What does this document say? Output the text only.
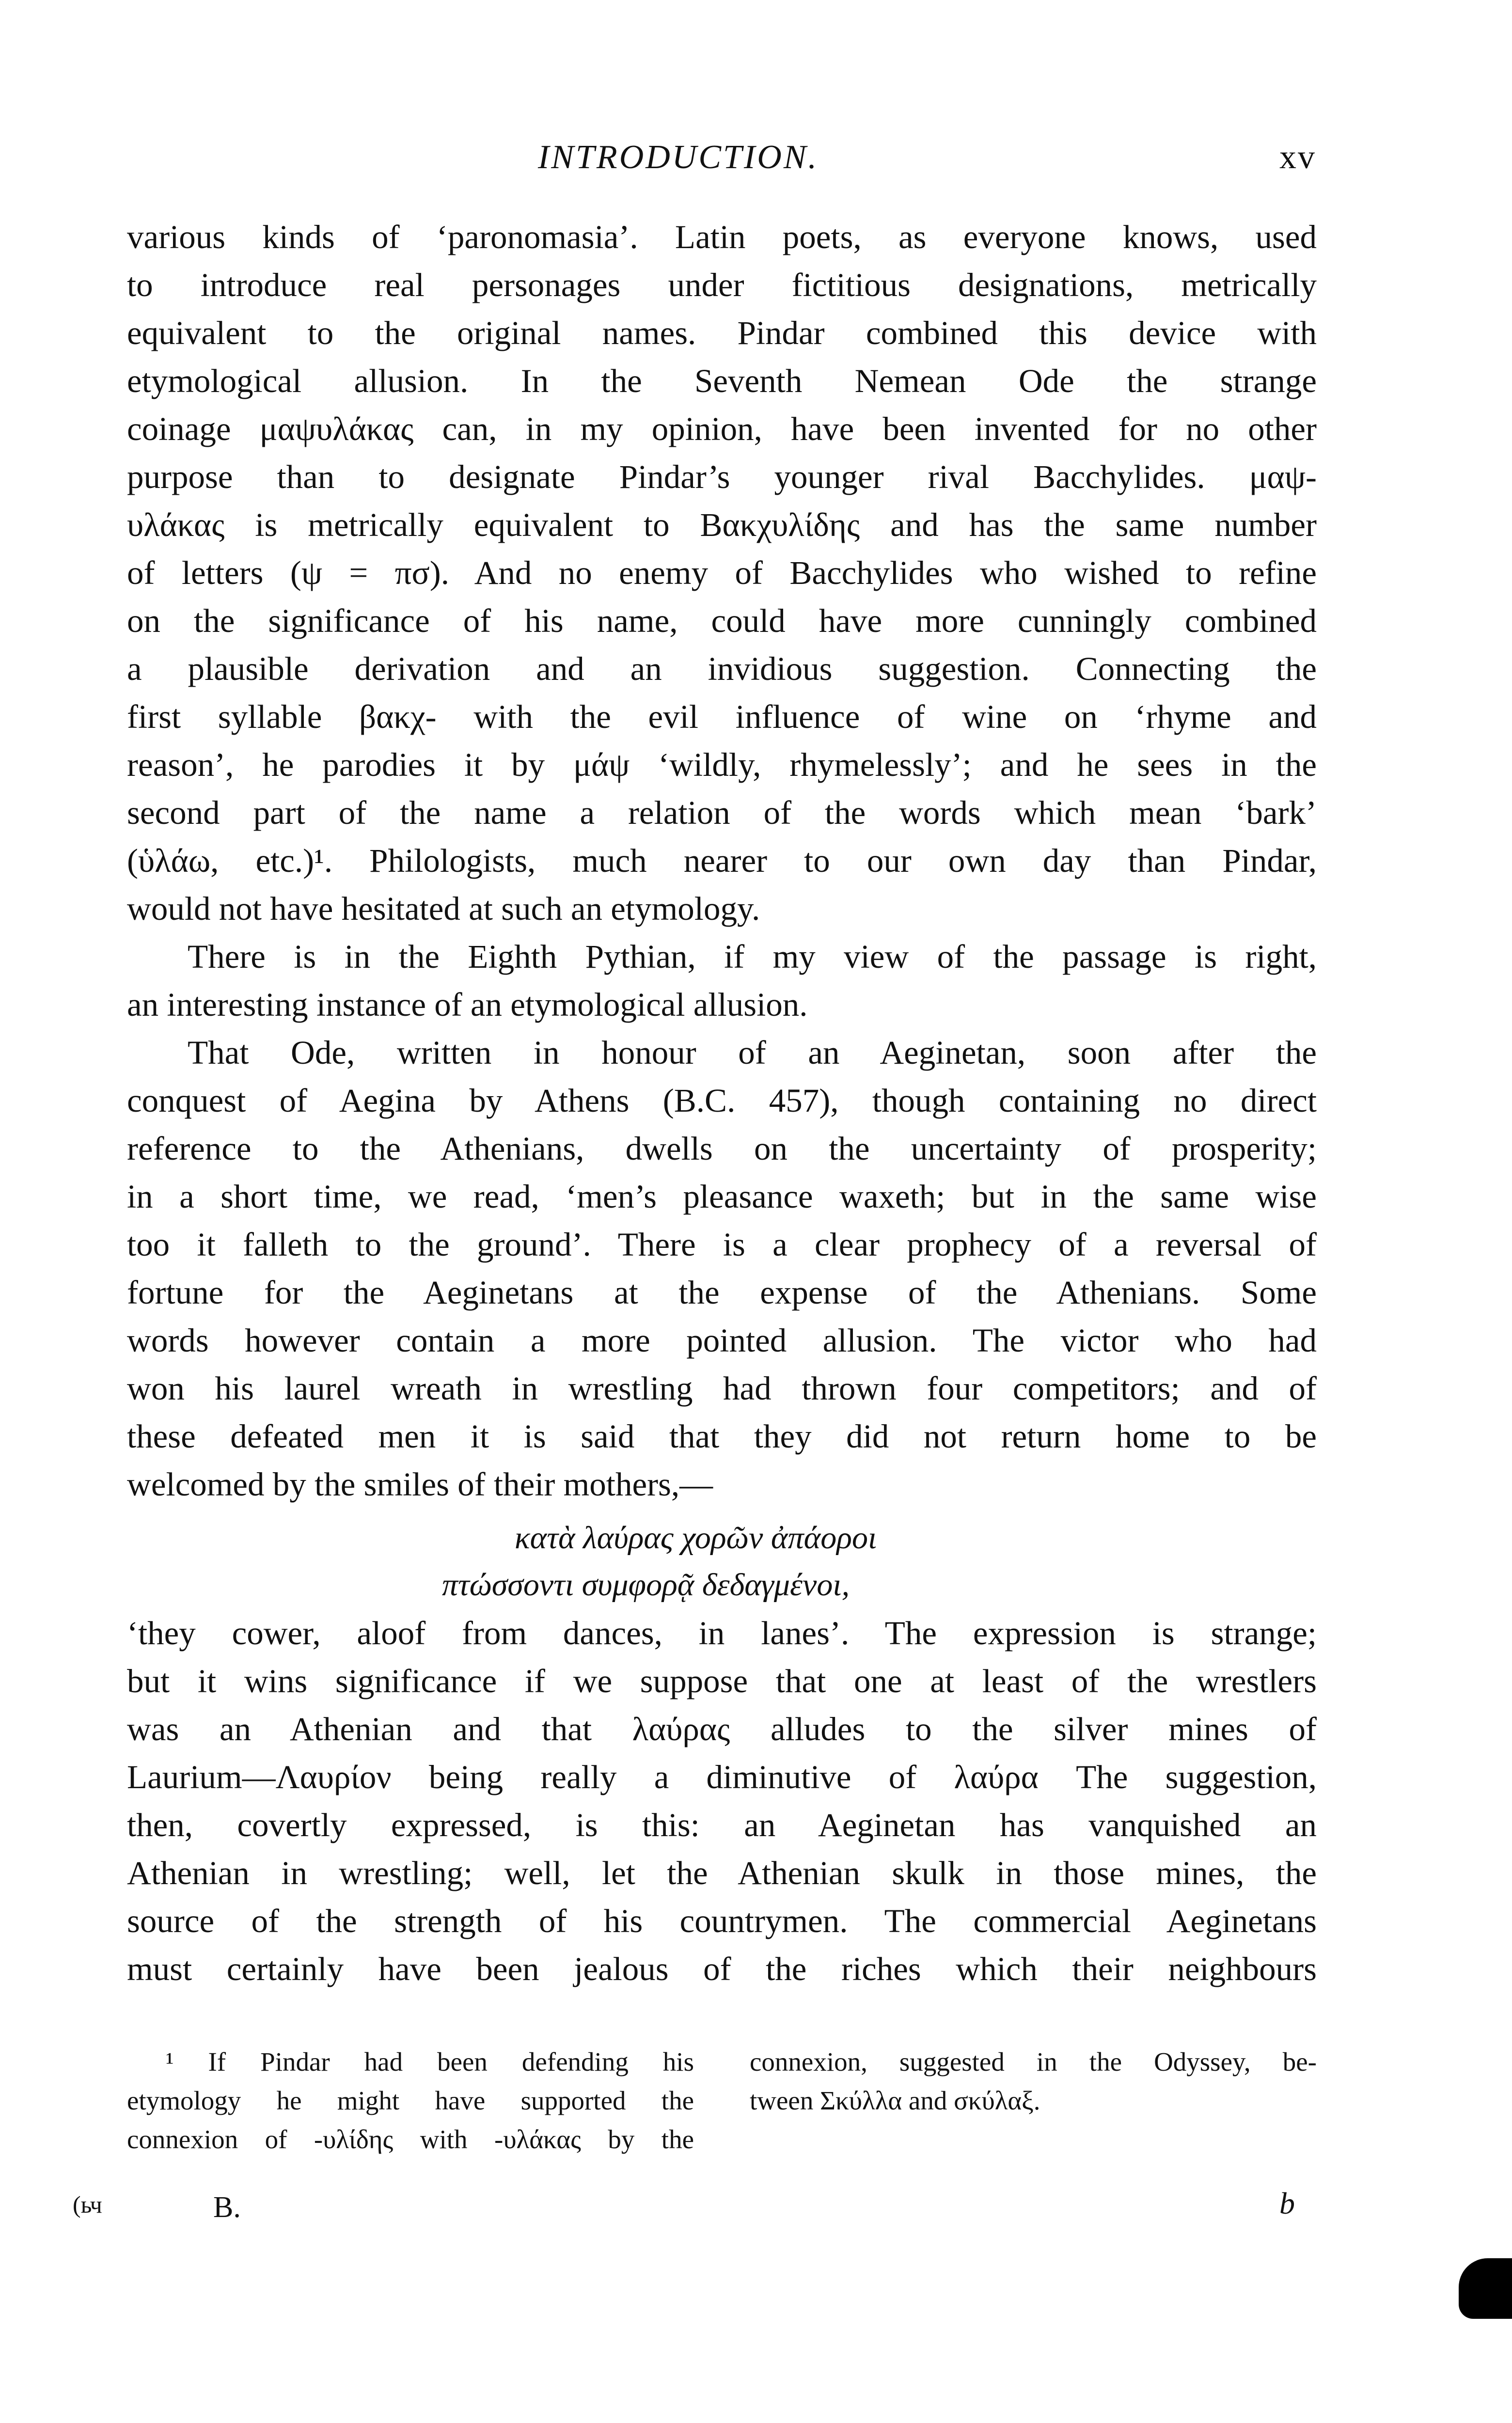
INTRODUCTION.	xv
various kinds of ‘paronomasia’. Latin poets, as everyone knows, used
to introduce real personages under fictitious designations, metrically
equivalent to the original names. Pindar combined this device with
etymological allusion. In the Seventh Nemean Ode the strange
coinage μαψυλάκας can, in my opinion, have been invented for no other
purpose than to designate Pindar’s younger rival Bacchylides. μαψ-
υλάκας is metrically equivalent to Βακχυλίδης and has the same number
of letters (ψ = πσ). And no enemy of Bacchylides who wished to refine
on the significance of his name, could have more cunningly combined
a plausible derivation and an invidious suggestion. Connecting the
first syllable βακχ- with the evil influence of wine on ‘rhyme and
reason’, he parodies it by μάψ ‘wildly, rhymelessly’; and he sees in the
second part of the name a relation of the words which mean ‘bark’
(ὑλάω, etc.)¹. Philologists, much nearer to our own day than Pindar,
would not have hesitated at such an etymology.
There is in the Eighth Pythian, if my view of the passage is right,
an interesting instance of an etymological allusion.
That Ode, written in honour of an Aeginetan, soon after the
conquest of Aegina by Athens (B.C. 457), though containing no direct
reference to the Athenians, dwells on the uncertainty of prosperity;
in a short time, we read, ‘men’s pleasance waxeth; but in the same wise
too it falleth to the ground’. There is a clear prophecy of a reversal of
fortune for the Aeginetans at the expense of the Athenians. Some
words however contain a more pointed allusion. The victor who had
won his laurel wreath in wrestling had thrown four competitors; and of
these defeated men it is said that they did not return home to be
welcomed by the smiles of their mothers,—
κατὰ λαύρας χορῶν ἀπάοροι
πτώσσοντι συμφορᾷ δεδαγμένοι,
‘they cower, aloof from dances, in lanes’. The expression is strange;
but it wins significance if we suppose that one at least of the wrestlers
was an Athenian and that λαύρας alludes to the silver mines of
Laurium—Λαυρίον being really a diminutive of λαύρα The suggestion,
then, covertly expressed, is this: an Aeginetan has vanquished an
Athenian in wrestling; well, let the Athenian skulk in those mines, the
source of the strength of his countrymen. The commercial Aeginetans
must certainly have been jealous of the riches which their neighbours
¹ If Pindar had been defending his
etymology he might have supported the
connexion of -υλίδης with -υλάκας by the
connexion, suggested in the Odyssey, be-
tween Σκύλλα and σκύλαξ.
(ьч	B.	b
